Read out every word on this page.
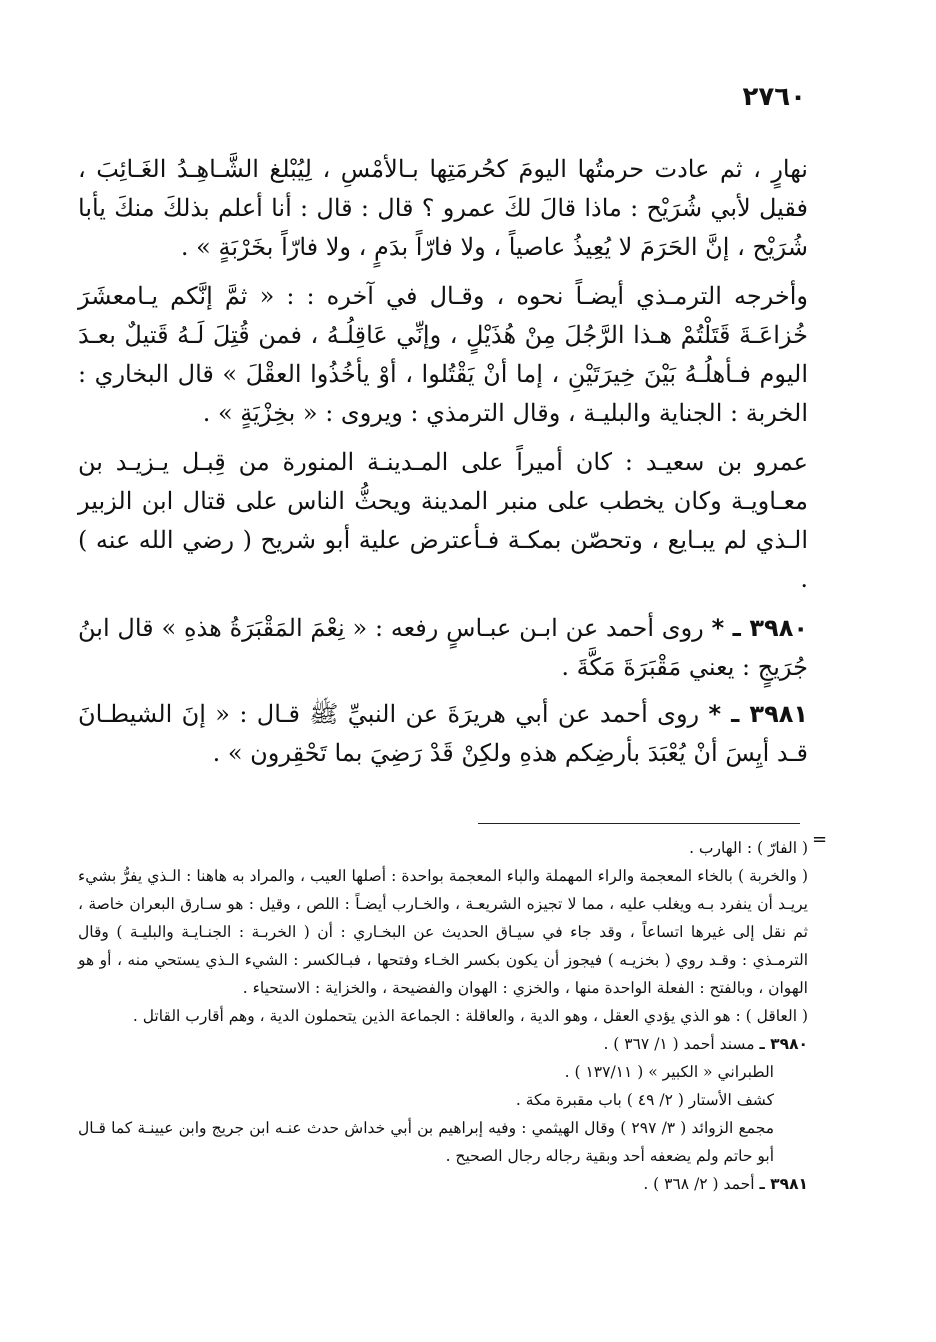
٢٧٦٠

نهارٍ ، ثم عادت حرمتُها اليومَ كحُرمَتِها بـالأمْسِ ، لِيُبْلغ الشَّـاهِـدُ الغَـائِبَ ، فقيل لأبي شُرَيْح : ماذا قالَ لكَ عمرو ؟ قال : قال : أنا أعلم بذلكَ منكَ يأبا شُرَيْح ، إنَّ الحَرَمَ لا يُعِيذُ عاصياً ، ولا فارّاً بدَمٍ ، ولا فارّاً بخَرْبَةٍ » .

وأخرجه الترمـذي أيضـاً نحوه ، وقـال في آخره : : « ثمَّ إنَّكم يـامعشَرَ خُزاعَـةَ قَتَلْتُمْ هـذا الرَّجُلَ مِنْ هُذَيْلٍ ، وإنِّي عَاقِلُـهُ ، فمن قُتِلَ لَـهُ قَتيلٌ بعـدَ اليوم فـأهلُـهُ بَيْنَ خِيرَتَيْنِ ، إما أنْ يَقْتُلوا ، أوْ يأخُذُوا العقْلَ » قال البخاري : الخربة : الجناية والبليـة ، وقال الترمذي : ويروى : « بخِزْيَةٍ » .

عمرو بن سعيـد : كان أميراً على المـدينـة المنورة من قِبـل يـزيـد بن معـاويـة وكان يخطب على منبر المدينة ويحثُّ الناس على قتال ابن الزبير الـذي لم يبـايع ، وتحصّن بمكـة فـأعترض علية أبو شريح ( رضي الله عنه ) .

٣٩٨٠ ـ * روى أحمد عن ابـن عبـاسٍ رفعه : « نِعْمَ المَقْبَرَةُ هذهِ » قال ابنُ جُرَيجٍ : يعني مَقْبَرَةَ مَكَّةَ .

٣٩٨١ ـ * روى أحمد عن أبي هريرَةَ عن النبيِّ ﷺ قـال : « إنَ الشيطـانَ قـد أيِسَ أنْ يُعْبَدَ بأرضِكم هذهِ ولكِنْ قَدْ رَضِيَ بما تَحْقِرون » .

=

( الفارّ ) : الهارب .

( والخربة ) بالخاء المعجمة والراء المهملة والباء المعجمة بواحدة : أصلها العيب ، والمراد به هاهنا : الـذي يفرُّ بشيء يريـد أن ينفرد بـه ويغلب عليه ، مما لا تجيزه الشريعـة ، والخـارب أيضـاً : اللص ، وقيل : هو سـارق البعران خاصة ، ثم نقل إلى غيرها اتساعاً ، وقد جاء في سيـاق الحديث عن البخـاري : أن ( الخربـة : الجنـايـة والبليـة ) وقال الترمـذي : وقـد روي ( بخزيـه ) فيجوز أن يكون بكسر الخـاء وفتحها ، فبـالكسر : الشيء الـذي يستحي منه ، أو هو الهوان ، وبالفتح : الفعلة الواحدة منها ، والخزي : الهوان والفضيحة ، والخزاية : الاستحياء .

( العاقل ) : هو الذي يؤدي العقل ، وهو الدية ، والعاقلة : الجماعة الذين يتحملون الدية ، وهم أقارب القاتل .

٣٩٨٠ ـ مسند أحمد ( ١/ ٣٦٧ ) .

الطبراني « الكبير » ( ١٣٧/١١ ) .

كشف الأستار ( ٢/ ٤٩ ) باب مقبرة مكة .

مجمع الزوائد ( ٣/ ٢٩٧ ) وقال الهيثمي : وفيه إبراهيم بن أبي خداش حدث عنـه ابن جريج وابن عيينـة كما قـال أبو حاتم ولم يضعفه أحد وبقية رجاله رجال الصحيح .

٣٩٨١ ـ أحمد ( ٢/ ٣٦٨ ) .
